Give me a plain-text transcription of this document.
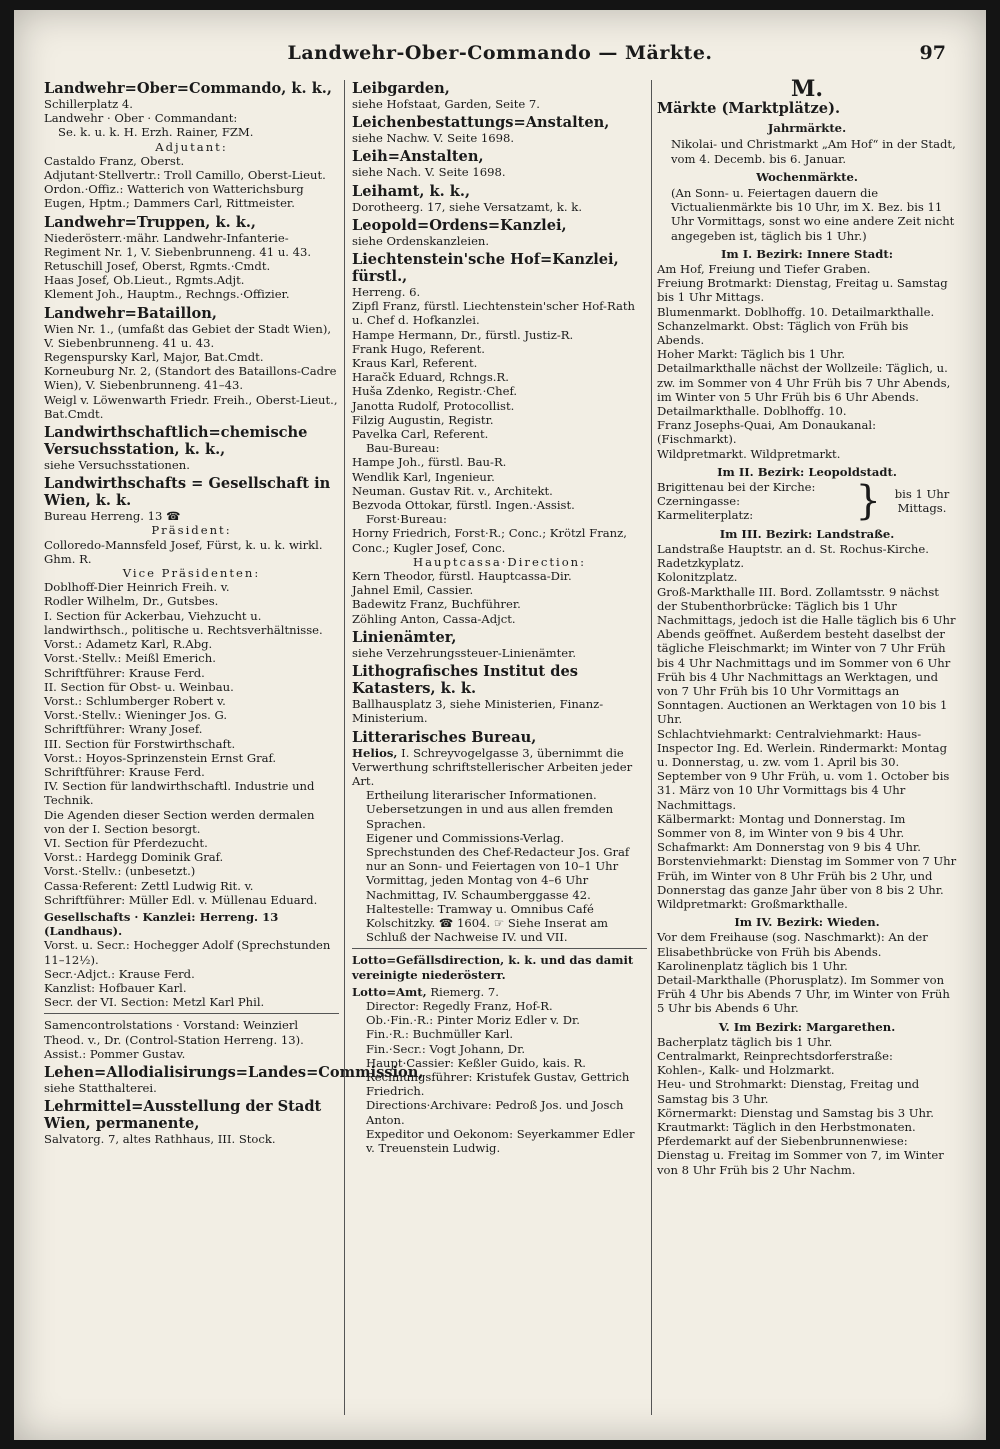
Landwehr-Ober-Commando — Märkte.	97
Landwehr=Ober=Commando, k. k.,
Schillerplatz 4.
Landwehr · Ober · Commandant:
Se. k. u. k. H. Erzh. Rainer, FZM.
Adjutant:
Castaldo Franz, Oberst.
Adjutant·Stellvertr.: Troll Camillo, Oberst-Lieut.
Ordon.·Offiz.: Watterich von Watterichsburg Eugen, Hptm.; Dammers Carl, Rittmeister.
Landwehr=Truppen, k. k.,
Niederösterr.·mähr. Landwehr-Infanterie-Regiment Nr. 1, V. Siebenbrunneng. 41 u. 43.
Retuschill Josef, Oberst, Rgmts.·Cmdt.
Haas Josef, Ob.Lieut., Rgmts.Adjt.
Klement Joh., Hauptm., Rechngs.·Offizier.
Landwehr=Bataillon,
Wien Nr. 1., (umfaßt das Gebiet der Stadt Wien), V. Siebenbrunneng. 41 u. 43.
Regenspursky Karl, Major, Bat.Cmdt.
Korneuburg Nr. 2, (Standort des Bataillons-Cadre Wien), V. Siebenbrunneng. 41–43.
Weigl v. Löwenwarth Friedr. Freih., Oberst-Lieut., Bat.Cmdt.
Landwirthschaftlich=chemische Versuchsstation, k. k.,
siehe Versuchsstationen.
Landwirthschafts = Gesellschaft in Wien, k. k.
Bureau Herreng. 13 ☎
Präsident:
Colloredo-Mannsfeld Josef, Fürst, k. u. k. wirkl. Ghm. R.
Vice Präsidenten:
Doblhoff-Dier Heinrich Freih. v.
Rodler Wilhelm, Dr., Gutsbes.
I. Section für Ackerbau, Viehzucht u. landwirthsch., politische u. Rechtsverhältnisse.
Vorst.: Adametz Karl, R.Abg.
Vorst.·Stellv.: Meißl Emerich.
Schriftführer: Krause Ferd.
II. Section für Obst- u. Weinbau.
Vorst.: Schlumberger Robert v.
Vorst.·Stellv.: Wieninger Jos. G.
Schriftführer: Wrany Josef.
III. Section für Forstwirthschaft.
Vorst.: Hoyos-Sprinzenstein Ernst Graf.
Schriftführer: Krause Ferd.
IV. Section für landwirthschaftl. Industrie und Technik.
Die Agenden dieser Section werden dermalen von der I. Section besorgt.
VI. Section für Pferdezucht.
Vorst.: Hardegg Dominik Graf.
Vorst.·Stellv.: (unbesetzt.)
Cassa·Referent: Zettl Ludwig Rit. v.
Schriftführer: Müller Edl. v. Müllenau Eduard.
Gesellschafts · Kanzlei: Herreng. 13 (Landhaus).
Vorst. u. Secr.: Hochegger Adolf (Sprechstunden 11–12½).
Secr.·Adjct.: Krause Ferd.
Kanzlist: Hofbauer Karl.
Secr. der VI. Section: Metzl Karl Phil.
Samencontrolstations · Vorstand: Weinzierl Theod. v., Dr. (Control-Station Herreng. 13).
Assist.: Pommer Gustav.
Lehen=Allodialisirungs=Landes=Commission,
siehe Statthalterei.
Lehrmittel=Ausstellung der Stadt Wien, permanente,
Salvatorg. 7, altes Rathhaus, III. Stock.
Leibgarden,
siehe Hofstaat, Garden, Seite 7.
Leichenbestattungs=Anstalten,
siehe Nachw. V. Seite 1698.
Leih=Anstalten,
siehe Nach. V. Seite 1698.
Leihamt, k. k.,
Dorotheerg. 17, siehe Versatzamt, k. k.
Leopold=Ordens=Kanzlei,
siehe Ordenskanzleien.
Liechtenstein'sche Hof=Kanzlei, fürstl.,
Herreng. 6.
Zipfl Franz, fürstl. Liechtenstein'scher Hof-Rath u. Chef d. Hofkanzlei.
Hampe Hermann, Dr., fürstl. Justiz-R.
Frank Hugo, Referent.
Kraus Karl, Referent.
Haračk Eduard, Rchngs.R.
Huša Zdenko, Registr.·Chef.
Janotta Rudolf, Protocollist.
Filzig Augustin, Registr.
Pavelka Carl, Referent.
Bau-Bureau:
Hampe Joh., fürstl. Bau-R.
Wendlik Karl, Ingenieur.
Neuman. Gustav Rit. v., Architekt.
Bezvoda Ottokar, fürstl. Ingen.·Assist.
Forst·Bureau:
Horny Friedrich, Forst·R.; Conc.; Krötzl Franz, Conc.; Kugler Josef, Conc.
Hauptcassa·Direction:
Kern Theodor, fürstl. Hauptcassa-Dir.
Jahnel Emil, Cassier.
Badewitz Franz, Buchführer.
Zöhling Anton, Cassa-Adjct.
Linienämter,
siehe Verzehrungssteuer-Linienämter.
Lithografisches Institut des Katasters, k. k.
Ballhausplatz 3, siehe Ministerien, Finanz-Ministerium.
Litterarisches Bureau,
Helios, I. Schreyvogelgasse 3, übernimmt die Verwerthung schriftstellerischer Arbeiten jeder Art.
Ertheilung literarischer Informationen.
Uebersetzungen in und aus allen fremden Sprachen.
Eigener und Commissions-Verlag.
Sprechstunden des Chef-Redacteur Jos. Graf nur an Sonn- und Feiertagen von 10–1 Uhr Vormittag, jeden Montag von 4–6 Uhr Nachmittag, IV. Schaumberggasse 42. Haltestelle: Tramway u. Omnibus Café Kolschitzky. ☎ 1604. ☞ Siehe Inserat am Schluß der Nachweise IV. und VII.
Lotto=Gefällsdirection, k. k. und das damit vereinigte niederösterr.
Lotto=Amt, Riemerg. 7.
Director: Regedly Franz, Hof-R.
Ob.·Fin.·R.: Pinter Moriz Edler v. Dr.
Fin.·R.: Buchmüller Karl.
Fin.·Secr.: Vogt Johann, Dr.
Haupt·Cassier: Keßler Guido, kais. R.
Rechnungsführer: Kristufek Gustav, Gettrich Friedrich.
Directions·Archivare: Pedroß Jos. und Josch Anton.
Expeditor und Oekonom: Seyerkammer Edler v. Treuenstein Ludwig.
M.
Märkte (Marktplätze).
Jahrmärkte.
Nikolai- und Christmarkt „Am Hof“ in der Stadt, vom 4. Decemb. bis 6. Januar.
Wochenmärkte.
(An Sonn- u. Feiertagen dauern die Victualienmärkte bis 10 Uhr, im X. Bez. bis 11 Uhr Vormittags, sonst wo eine andere Zeit nicht angegeben ist, täglich bis 1 Uhr.)
Im I. Bezirk: Innere Stadt:
Am Hof, Freiung und Tiefer Graben.
Freiung Brotmarkt: Dienstag, Freitag u. Samstag bis 1 Uhr Mittags.
Blumenmarkt. Doblhoffg. 10. Detailmarkthalle.
Schanzelmarkt. Obst: Täglich von Früh bis Abends.
Hoher Markt: Täglich bis 1 Uhr.
Detailmarkthalle nächst der Wollzeile: Täglich, u. zw. im Sommer von 4 Uhr Früh bis 7 Uhr Abends, im Winter von 5 Uhr Früh bis 6 Uhr Abends.
Detailmarkthalle. Doblhoffg. 10.
Franz Josephs-Quai, Am Donaukanal: (Fischmarkt).
Wildpretmarkt. Wildpretmarkt.
Im II. Bezirk: Leopoldstadt.
Brigittenau bei der Kirche:
Czerningasse:
Karmeliterplatz:	}	bis 1 Uhr Mittags.
Im III. Bezirk: Landstraße.
Landstraße Hauptstr. an d. St. Rochus-Kirche.
Radetzkyplatz.
Kolonitzplatz.
Groß-Markthalle III. Bord. Zollamtsstr. 9 nächst der Stubenthorbrücke: Täglich bis 1 Uhr Nachmittags, jedoch ist die Halle täglich bis 6 Uhr Abends geöffnet. Außerdem besteht daselbst der tägliche Fleischmarkt; im Winter von 7 Uhr Früh bis 4 Uhr Nachmittags und im Sommer von 6 Uhr Früh bis 4 Uhr Nachmittags an Werktagen, und von 7 Uhr Früh bis 10 Uhr Vormittags an Sonntagen. Auctionen an Werktagen von 10 bis 1 Uhr.
Schlachtviehmarkt: Centralviehmarkt: Haus-Inspector Ing. Ed. Werlein. Rindermarkt: Montag u. Donnerstag, u. zw. vom 1. April bis 30. September von 9 Uhr Früh, u. vom 1. October bis 31. März von 10 Uhr Vormittags bis 4 Uhr Nachmittags.
Kälbermarkt: Montag und Donnerstag. Im Sommer von 8, im Winter von 9 bis 4 Uhr.
Schafmarkt: Am Donnerstag von 9 bis 4 Uhr.
Borstenviehmarkt: Dienstag im Sommer von 7 Uhr Früh, im Winter von 8 Uhr Früh bis 2 Uhr, und Donnerstag das ganze Jahr über von 8 bis 2 Uhr.
Wildpretmarkt: Großmarkthalle.
Im IV. Bezirk: Wieden.
Vor dem Freihause (sog. Naschmarkt): An der Elisabethbrücke von Früh bis Abends.
Karolinenplatz täglich bis 1 Uhr.
Detail-Markthalle (Phorusplatz). Im Sommer von Früh 4 Uhr bis Abends 7 Uhr, im Winter von Früh 5 Uhr bis Abends 6 Uhr.
V. Im Bezirk: Margarethen.
Bacherplatz täglich bis 1 Uhr.
Centralmarkt, Reinprechtsdorferstraße:
Kohlen-, Kalk- und Holzmarkt.
Heu- und Strohmarkt: Dienstag, Freitag und Samstag bis 3 Uhr.
Körnermarkt: Dienstag und Samstag bis 3 Uhr.
Krautmarkt: Täglich in den Herbstmonaten.
Pferdemarkt auf der Siebenbrunnenwiese: Dienstag u. Freitag im Sommer von 7, im Winter von 8 Uhr Früh bis 2 Uhr Nachm.
